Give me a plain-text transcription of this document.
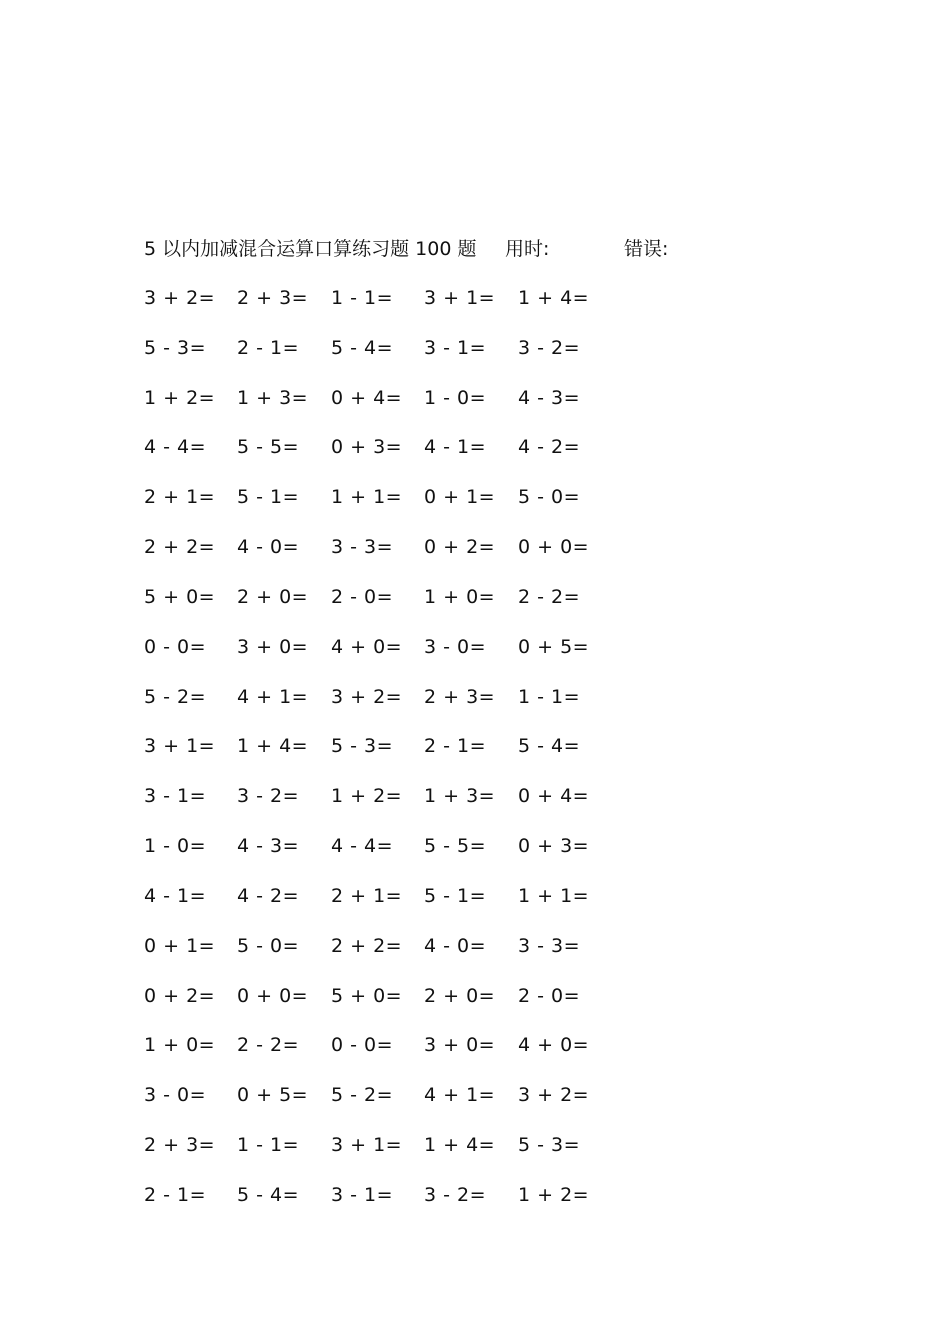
5 以内加减混合运算口算练习题 100 题 用时:	错误:
3 + 2=	2 + 3=	1 - 1=	3 + 1=	1 + 4=
5 - 3=	2 - 1=	5 - 4=	3 - 1=	3 - 2=
1 + 2=	1 + 3=	0 + 4=	1 - 0=	4 - 3=
4 - 4=	5 - 5=	0 + 3=	4 - 1=	4 - 2=
2 + 1=	5 - 1=	1 + 1=	0 + 1=	5 - 0=
2 + 2=	4 - 0=	3 - 3=	0 + 2=	0 + 0=
5 + 0=	2 + 0=	2 - 0=	1 + 0=	2 - 2=
0 - 0=	3 + 0=	4 + 0=	3 - 0=	0 + 5=
5 - 2=	4 + 1=	3 + 2=	2 + 3=	1 - 1=
3 + 1=	1 + 4=	5 - 3=	2 - 1=	5 - 4=
3 - 1=	3 - 2=	1 + 2=	1 + 3=	0 + 4=
1 - 0=	4 - 3=	4 - 4=	5 - 5=	0 + 3=
4 - 1=	4 - 2=	2 + 1=	5 - 1=	1 + 1=
0 + 1=	5 - 0=	2 + 2=	4 - 0=	3 - 3=
0 + 2=	0 + 0=	5 + 0=	2 + 0=	2 - 0=
1 + 0=	2 - 2=	0 - 0=	3 + 0=	4 + 0=
3 - 0=	0 + 5=	5 - 2=	4 + 1=	3 + 2=
2 + 3=	1 - 1=	3 + 1=	1 + 4=	5 - 3=
2 - 1=	5 - 4=	3 - 1=	3 - 2=	1 + 2=
